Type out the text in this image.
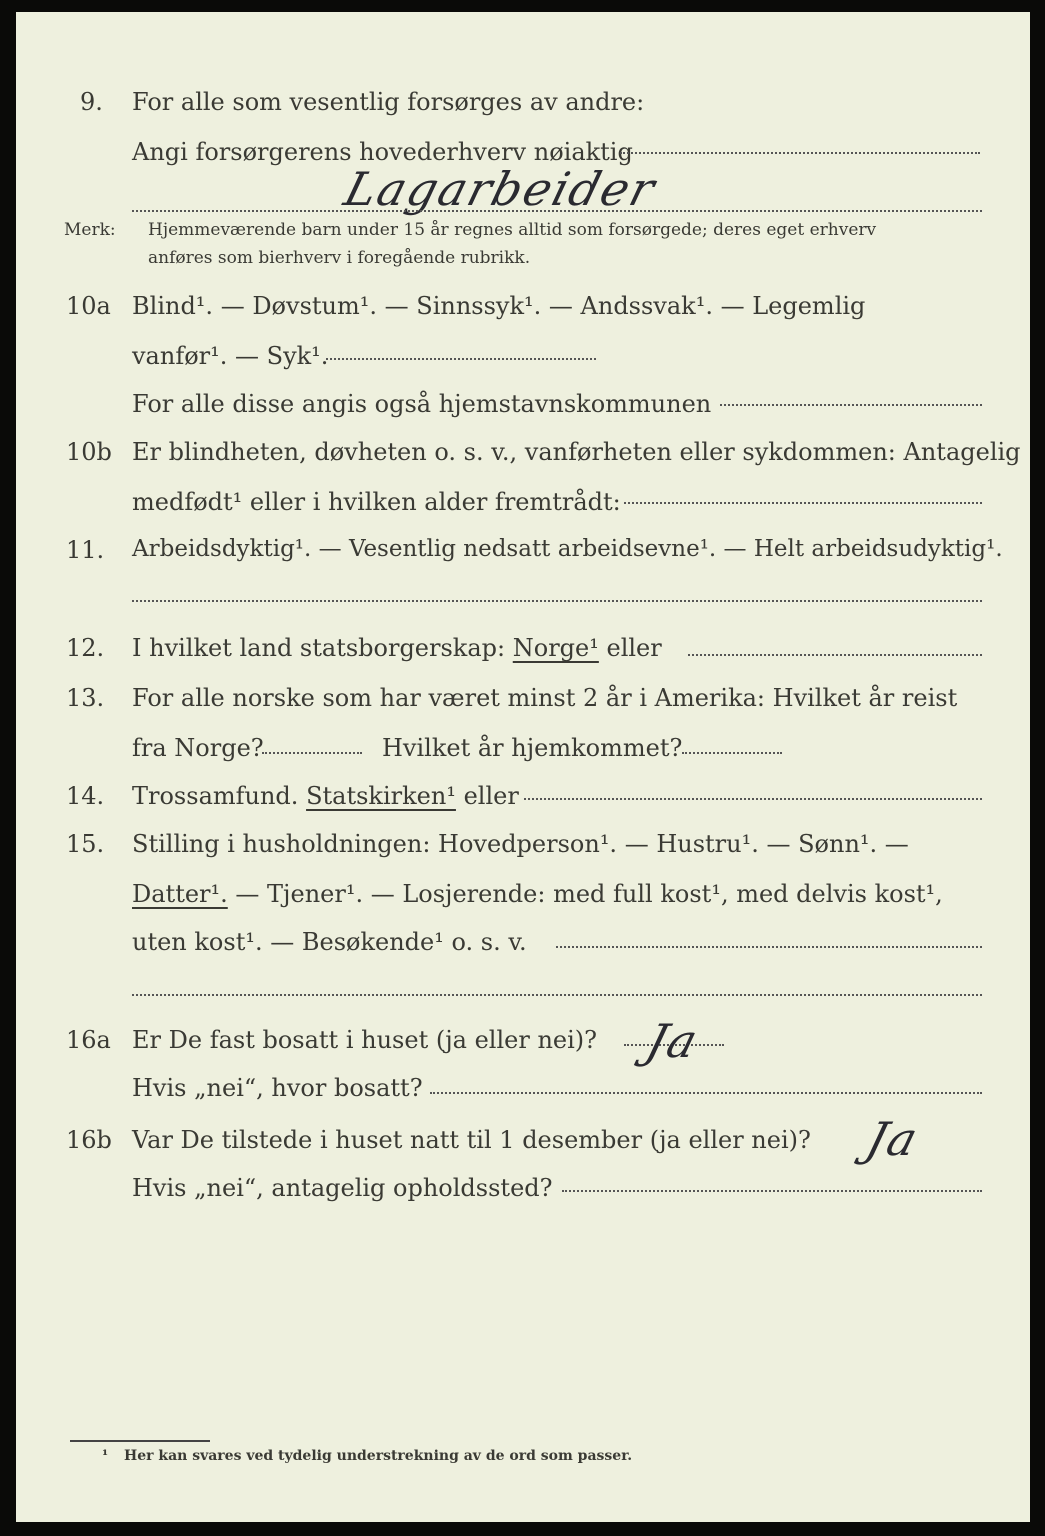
9. For alle som vesentlig forsørges av andre:
Angi forsørgerens hovederhverv nøiaktig
Lagarbeider
Merk: Hjemmeværende barn under 15 år regnes alltid som forsørgede; deres eget erhverv
anføres som bierhverv i foregående rubrikk.
10a Blind¹. — Døvstum¹. — Sinnssyk¹. — Andssvak¹. — Legemlig
vanfør¹. — Syk¹.
For alle disse angis også hjemstavnskommunen
10b Er blindheten, døvheten o. s. v., vanførheten eller sykdommen: Antagelig
medfødt¹ eller i hvilken alder fremtrådt:
11. Arbeidsdyktig¹. — Vesentlig nedsatt arbeidsevne¹. — Helt arbeidsudyktig¹.
12. I hvilket land statsborgerskap: Norge¹ eller
13. For alle norske som har været minst 2 år i Amerika: Hvilket år reist
fra Norge?	Hvilket år hjemkommet?
14. Trossamfund. Statskirken¹ eller
15. Stilling i husholdningen: Hovedperson¹. — Hustru¹. — Sønn¹. —
Datter¹. — Tjener¹. — Losjerende: med full kost¹, med delvis kost¹,
uten kost¹. — Besøkende¹ o. s. v.
16a Er De fast bosatt i huset (ja eller nei)? Ja
Hvis „nei“, hvor bosatt?
16b Var De tilstede i huset natt til 1 desember (ja eller nei)? Ja
Hvis „nei“, antagelig opholdssted?
¹ Her kan svares ved tydelig understrekning av de ord som passer.
